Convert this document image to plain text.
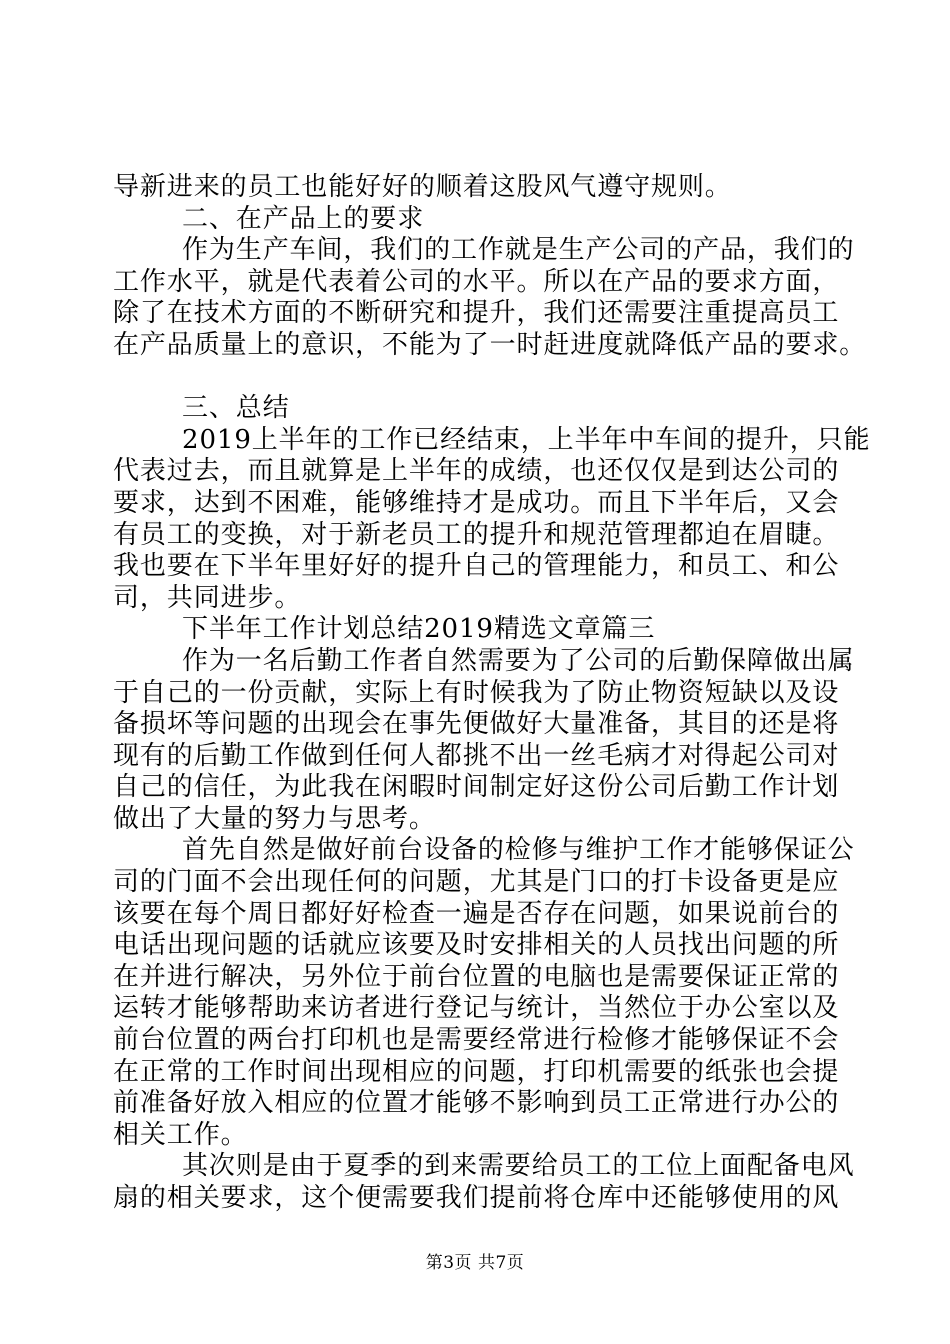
导新进来的员工也能好好的顺着这股风气遵守规则。
二、在产品上的要求
作为生产车间，我们的工作就是生产公司的产品，我们的
工作水平，就是代表着公司的水平。所以在产品的要求方面，
除了在技术方面的不断研究和提升，我们还需要注重提高员工
在产品质量上的意识，不能为了一时赶进度就降低产品的要求。
三、总结
2019上半年的工作已经结束，上半年中车间的提升，只能
代表过去，而且就算是上半年的成绩，也还仅仅是到达公司的
要求，达到不困难，能够维持才是成功。而且下半年后，又会
有员工的变换，对于新老员工的提升和规范管理都迫在眉睫。
我也要在下半年里好好的提升自己的管理能力，和员工、和公
司，共同进步。
下半年工作计划总结2019精选文章篇三
作为一名后勤工作者自然需要为了公司的后勤保障做出属
于自己的一份贡献，实际上有时候我为了防止物资短缺以及设
备损坏等问题的出现会在事先便做好大量准备，其目的还是将
现有的后勤工作做到任何人都挑不出一丝毛病才对得起公司对
自己的信任，为此我在闲暇时间制定好这份公司后勤工作计划
做出了大量的努力与思考。
首先自然是做好前台设备的检修与维护工作才能够保证公
司的门面不会出现任何的问题，尤其是门口的打卡设备更是应
该要在每个周日都好好检查一遍是否存在问题，如果说前台的
电话出现问题的话就应该要及时安排相关的人员找出问题的所
在并进行解决，另外位于前台位置的电脑也是需要保证正常的
运转才能够帮助来访者进行登记与统计，当然位于办公室以及
前台位置的两台打印机也是需要经常进行检修才能够保证不会
在正常的工作时间出现相应的问题，打印机需要的纸张也会提
前准备好放入相应的位置才能够不影响到员工正常进行办公的
相关工作。
其次则是由于夏季的到来需要给员工的工位上面配备电风
扇的相关要求，这个便需要我们提前将仓库中还能够使用的风
第3页 共7页
